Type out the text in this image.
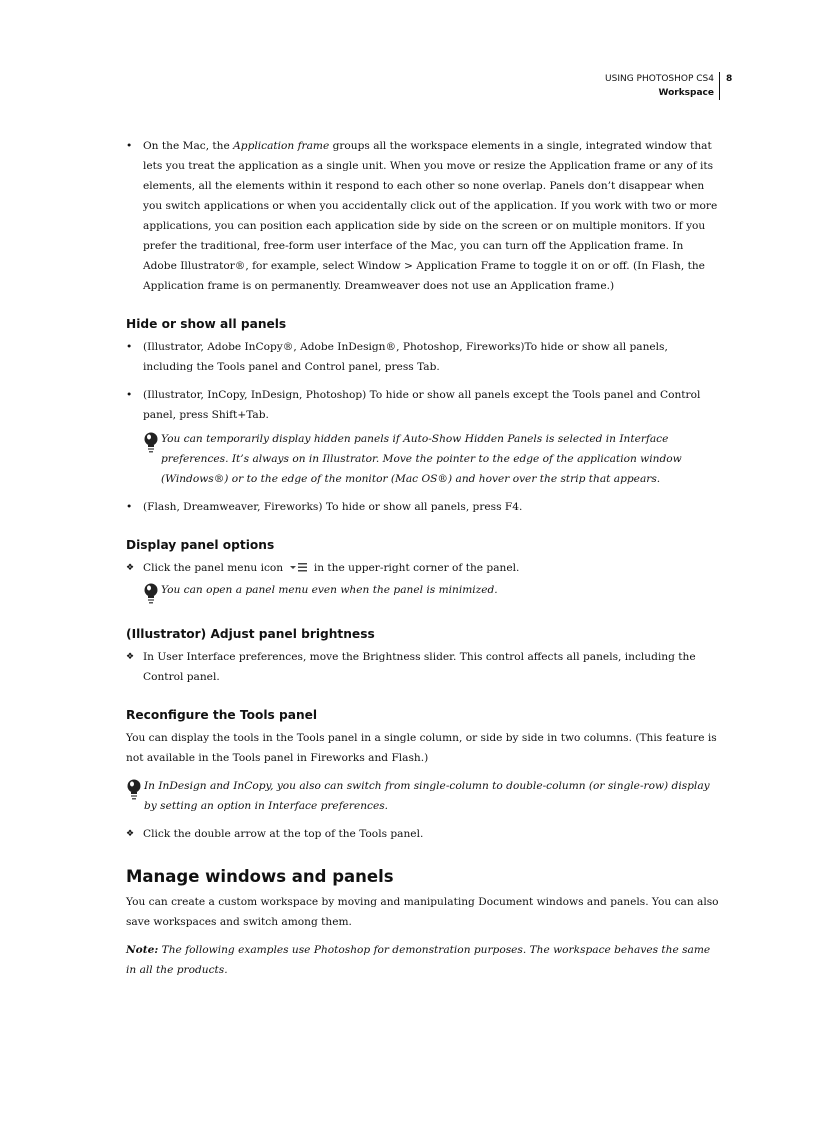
USING PHOTOSHOP CS4
Workspace
8
• On the Mac, the Application frame groups all the workspace elements in a single, integrated window that lets you treat the application as a single unit. When you move or resize the Application frame or any of its elements, all the elements within it respond to each other so none overlap. Panels don’t disappear when you switch applications or when you accidentally click out of the application. If you work with two or more applications, you can position each application side by side on the screen or on multiple monitors. If you prefer the traditional, free-form user interface of the Mac, you can turn off the Application frame. In Adobe Illustrator®, for example, select Window > Application Frame to toggle it on or off. (In Flash, the Application frame is on permanently. Dreamweaver does not use an Application frame.)
Hide or show all panels
• (Illustrator, Adobe InCopy®, Adobe InDesign®, Photoshop, Fireworks)To hide or show all panels, including the Tools panel and Control panel, press Tab.
• (Illustrator, InCopy, InDesign, Photoshop) To hide or show all panels except the Tools panel and Control panel, press Shift+Tab.
You can temporarily display hidden panels if Auto-Show Hidden Panels is selected in Interface preferences. It’s always on in Illustrator. Move the pointer to the edge of the application window (Windows®) or to the edge of the monitor (Mac OS®) and hover over the strip that appears.
• (Flash, Dreamweaver, Fireworks) To hide or show all panels, press F4.
Display panel options
❖ Click the panel menu icon  in the upper-right corner of the panel.
You can open a panel menu even when the panel is minimized.
(Illustrator) Adjust panel brightness
❖ In User Interface preferences, move the Brightness slider. This control affects all panels, including the Control panel.
Reconfigure the Tools panel

You can display the tools in the Tools panel in a single column, or side by side in two columns. (This feature is not available in the Tools panel in Fireworks and Flash.)

In InDesign and InCopy, you also can switch from single-column to double-column (or single-row) display by setting an option in Interface preferences.
❖ Click the double arrow at the top of the Tools panel.
Manage windows and panels

You can create a custom workspace by moving and manipulating Document windows and panels. You can also save workspaces and switch among them.

Note: The following examples use Photoshop for demonstration purposes. The workspace behaves the same in all the products.
